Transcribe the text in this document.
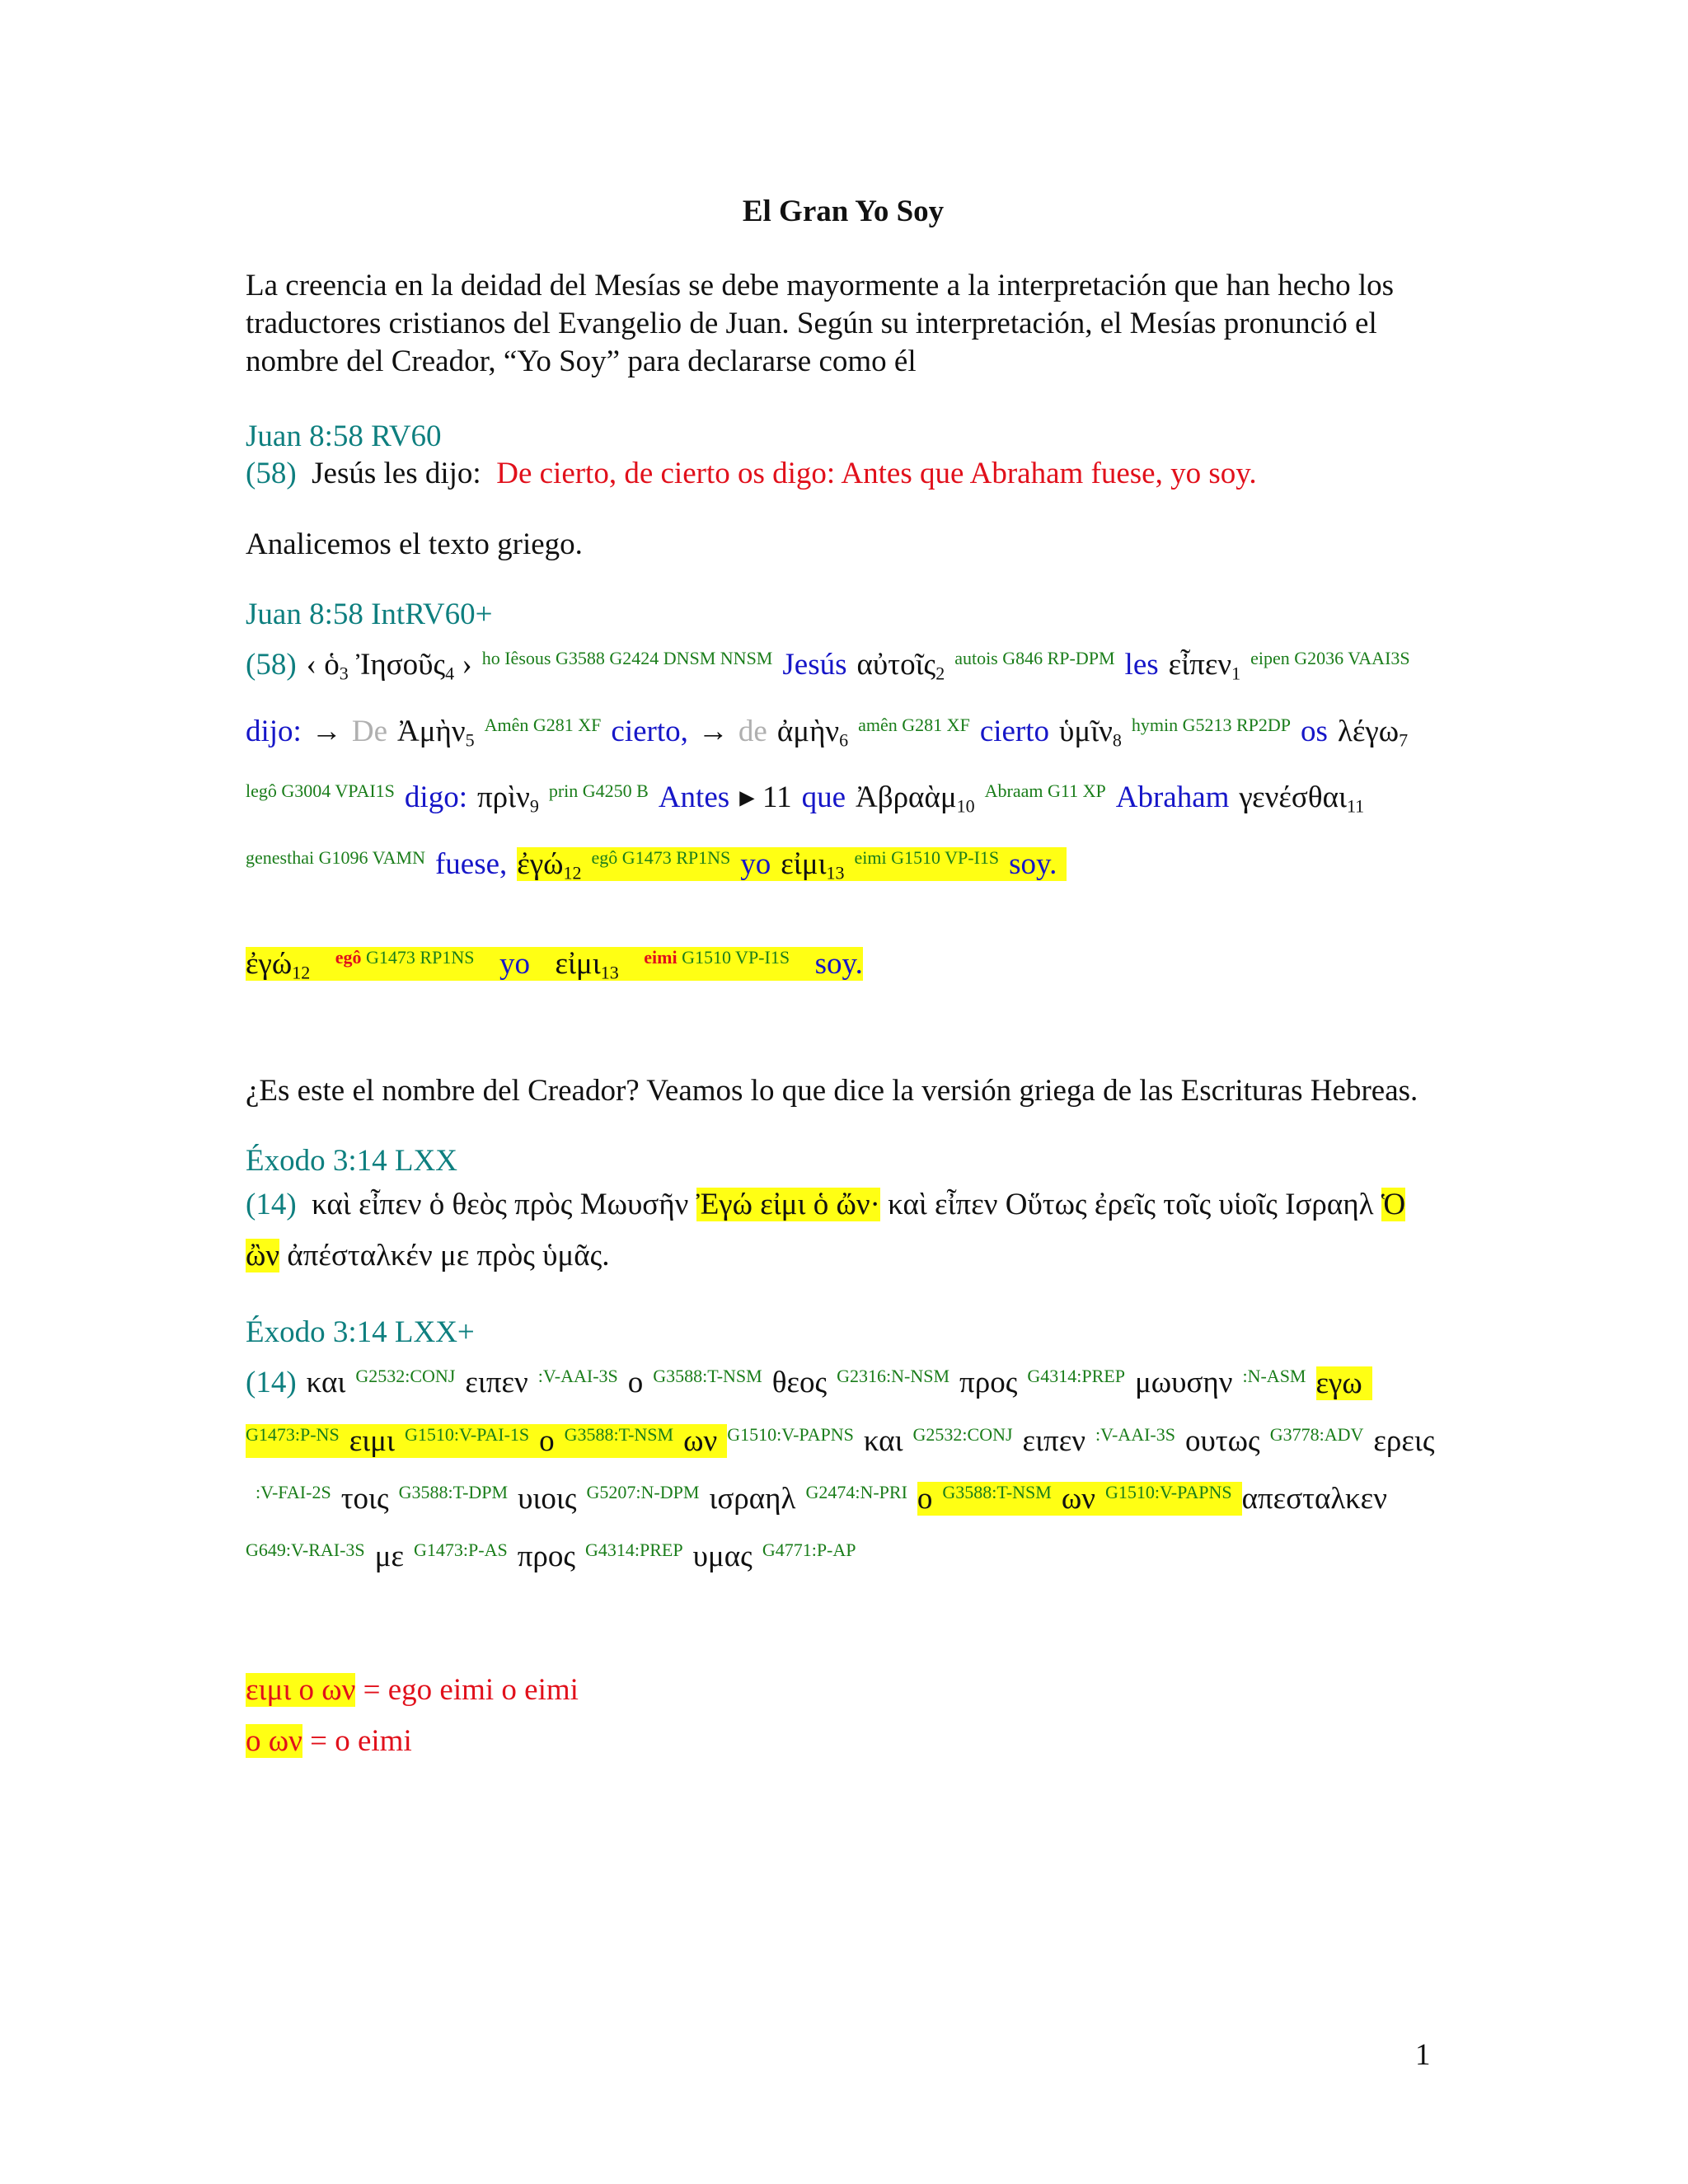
El Gran Yo Soy

La creencia en la deidad del Mesías se debe mayormente a la interpretación que han hecho los traductores cristianos del Evangelio de Juan. Según su interpretación, el Mesías pronunció el nombre del Creador, “Yo Soy” para declararse como él

Juan 8:58 RV60

(58) Jesús les dijo: De cierto, de cierto os digo: Antes que Abraham fuese, yo soy.

Analicemos el texto griego.

Juan 8:58 IntRV60+

(58) ‹ ὁ3 Ἰησοῦς4 › $^{ho Iêsous G3588 G2424 DNSM NNSM}$ Jesús $\alpha ὐ\tau oῖ\varsigma 2^{autois G846 RP-DPM}$ les $\varepsilon ἶ\pi\varepsilon\nu 1^{eipen G2036 VAAI3S}dijo$: → De $Ἀ\mu ὴ\nu 5^{Amên G281 XF}$ cierto, → de $ἀ\mu ὴ\nu 6^{amên G281 XF}$ cierto $ὑ\mu ῖ\nu 8^{hymin G5213 RP2DP}$ os $\lambda έ\gamma\omega 7^{legô G3004 VPAI1S}$ digo: $\pi\rho ὶ\nu 9^{prin G4250 B}$ Antes ▸ 11 que $Ἀ\beta\rho\alpha ὰ\mu 10^{Abraam G11 XP}$ Abraham $\gamma\varepsilon\nu έ\sigma\theta\alpha\iota 11^{genesthai G1096 VAMN}$ fuese, $ἐ\gamma ώ12^{egô G1473 RP1NS}$ yo $\varepsilon ἰ\mu\iota 13^{eimi G1510 VP-I1S}$ soy.

ἐγώ12  $^{egô G1473 RP1NS}$ yo εἰμι13  $^{eimi G1510 VP-I1S}$ soy.

¿Es este el nombre del Creador? Veamos lo que dice la versión griega de las Escrituras Hebreas.

Éxodo 3:14 LXX

(14) καὶ εἶπεν ὁ θεὸς πρὸς Μωυσῆν Ἐγώ εἰμι ὁ ὤν· καὶ εἶπεν Οὕτως ἐρεῖς τοῖς υἱοῖς Ισραηλ Ὁ ὢν ἀπέσταλκέν με πρὸς ὑμᾶς.

Éxodo 3:14 LXX+

(14) και $^{G2532:CONJ}$ ειπεν $^{:V-AAI-3S}$ ο $^{G3588:T-NSM}$ θεος $^{G2316:N-NSM}$ προς $^{G4314:PREP}$ μωυσην $^{:N-ASM}$ εγω$^{G1473:P-NS}$ ειμι $^{G1510:V-PAI-1S}$ ο $^{G3588:T-NSM}$ ων $^{G1510:V-PAPNS}$ και $^{G2532:CONJ}$ ειπεν $^{:V-AAI-3S}$ ουτως $^{G3778:ADV}$ ερεις$^{:V-FAI-2S}$ τοις $^{G3588:T-DPM}$ υιοις $^{G5207:N-DPM}$ ισραηλ $^{G2474:N-PRI}$ ο $^{G3588:T-NSM}$ ων $^{G1510:V-PAPNS}$ απεσταλκεν$^{G649:V-RAI-3S}$ με $^{G1473:P-AS}$ προς $^{G4314:PREP}$ υμας $^{G4771:P-AP}$

ειμι ο ων = ego eimi o eimi

ο ων = o eimi

1
